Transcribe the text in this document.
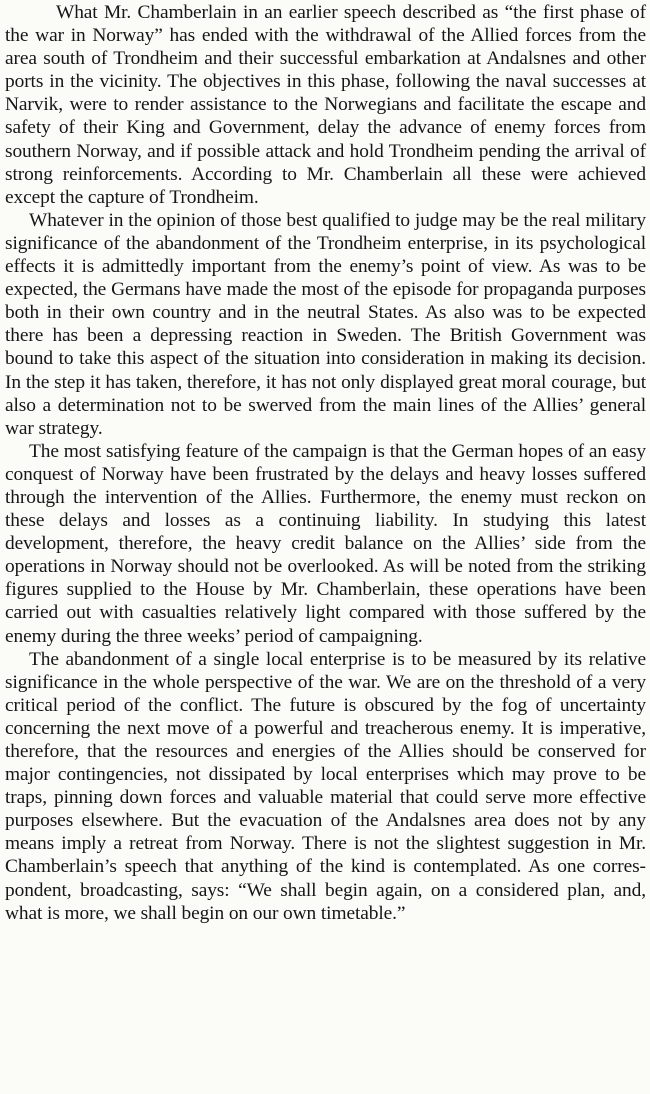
What Mr. Chamberlain in an earlier speech described as “the first phase of the war in Norway” has ended with the withdrawal of the Allied forces from the area south of Trondheim and their successful embarkation at Andalsnes and other ports in the vicinity. The objectives in this phase, following the naval successes at Narvik, were to render assistance to the Norwegians and facilitate the escape and safety of their King and Government, delay the advance of enemy forces from southern Norway, and if possible attack and hold Trondheim pending the arrival of strong reinforcements. According to Mr. Chamberlain all these were achieved except the capture of Trondheim.

Whatever in the opinion of those best qualified to judge may be the real military significance of the abandonment of the Trondheim enterprise, in its psychological effects it is admittedly important from the enemy’s point of view. As was to be expected, the Germans have made the most of the episode for propaganda purposes both in their own country and in the neutral States. As also was to be expected there has been a depressing reaction in Sweden. The British Government was bound to take this aspect of the situation into consideration in making its decision. In the step it has taken, therefore, it has not only displayed great moral courage, but also a determination not to be swerved from the main lines of the Allies’ general war strategy.

The most satisfying feature of the campaign is that the German hopes of an easy conquest of Norway have been frustrated by the delays and heavy losses suffered through the intervention of the Allies. Furthermore, the enemy must reckon on these delays and losses as a continuing liability. In studying this latest development, therefore, the heavy credit balance on the Allies’ side from the operations in Norway should not be overlooked. As will be noted from the striking figures supplied to the House by Mr. Chamberlain, these operations have been carried out with casualties relatively light compared with those suffered by the enemy during the three weeks’ period of campaigning.

The abandonment of a single local enterprise is to be measured by its relative significance in the whole perspective of the war. We are on the threshold of a very critical period of the conflict. The future is obscured by the fog of uncertainty concerning the next move of a powerful and treacherous enemy. It is imperative, therefore, that the resources and energies of the Allies should be conserved for major contingencies, not dissipated by local enterprises which may prove to be traps, pinning down forces and valuable material that could serve more effective purposes elsewhere. But the evacuation of the Andalsnes area does not by any means imply a retreat from Norway. There is not the slightest suggestion in Mr. Chamberlain’s speech that anything of the kind is contemplated. As one correspondent, broadcasting, says: “We shall begin again, on a considered plan, and, what is more, we shall begin on our own timetable.”
